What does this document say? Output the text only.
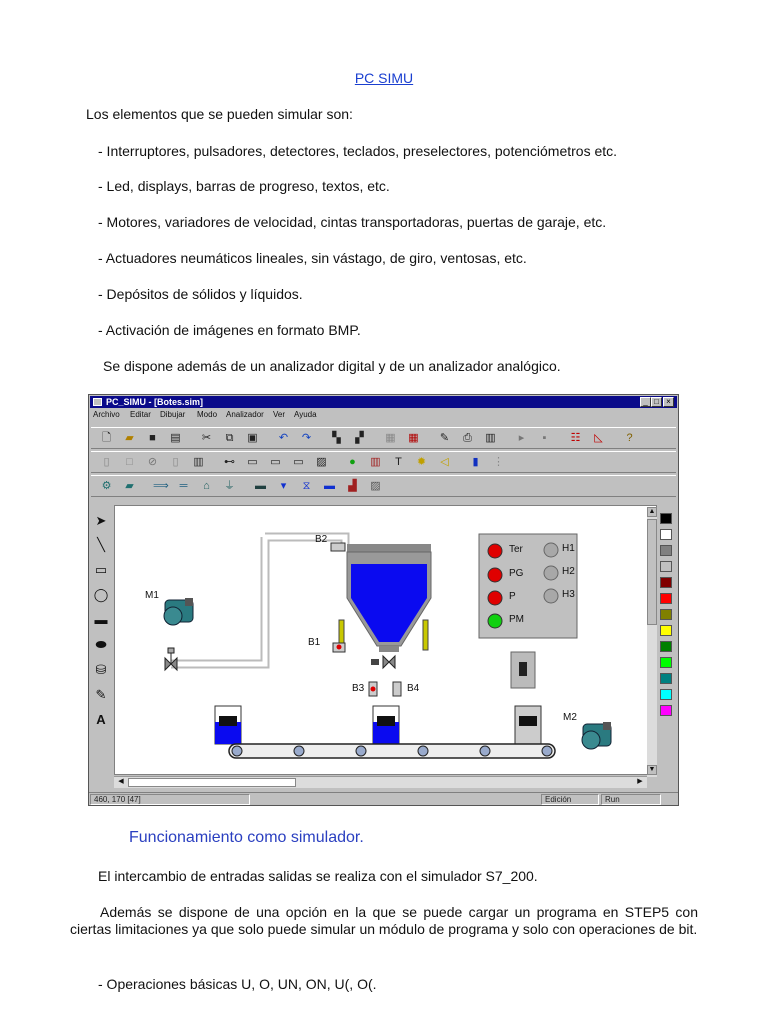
PC SIMU
Los elementos que se pueden simular son:
- Interruptores, pulsadores, detectores, teclados, preselectores, potenciómetros etc.
- Led, displays, barras de progreso, textos, etc.
- Motores, variadores de velocidad, cintas transportadoras, puertas de garaje, etc.
- Actuadores neumáticos lineales, sin vástago, de giro, ventosas, etc.
- Depósitos de sólidos y líquidos.
- Activación de imágenes en formato BMP.
Se dispone además de un analizador digital y de un analizador analógico.
PC_SIMU - [Botes.sim]	_ □ ×
Archivo Editar Dibujar Modo Analizador Ver Ayuda
🗋 ▰	■	▤ ✂	⧉	▣ ↶ ↷ ▚ ▞ ▦ ▦ ✎ ⎙ ▥	▸	▪	☷ ◺	?
▯	□	⊘	▯	▥ ⊷ ▭ ▭ ▭ ▨	●	▥	T	✹ ◁	▮	⋮
⚙ ▰ ⟹ ═	⌂	⏚ ▬	▾	⧖	▬ ▟ ▨
➤
╲
▭
◯
▬
⬬
⛁
✎
A
B2
B1
B3	B4
M1
M2
Ter
PG
P
PM
H1
H2
H3
▲
▼
◀	▶
460, 170 [47]	Edición	Run
Funcionamiento como simulador.
El intercambio de entradas salidas se realiza con el simulador S7_200.
Además se dispone de una opción en la que se puede cargar un programa en STEP5 con ciertas limitaciones ya que solo puede simular un módulo de programa y solo con operaciones de bit.
- Operaciones básicas U, O, UN, ON, U(, O(.
